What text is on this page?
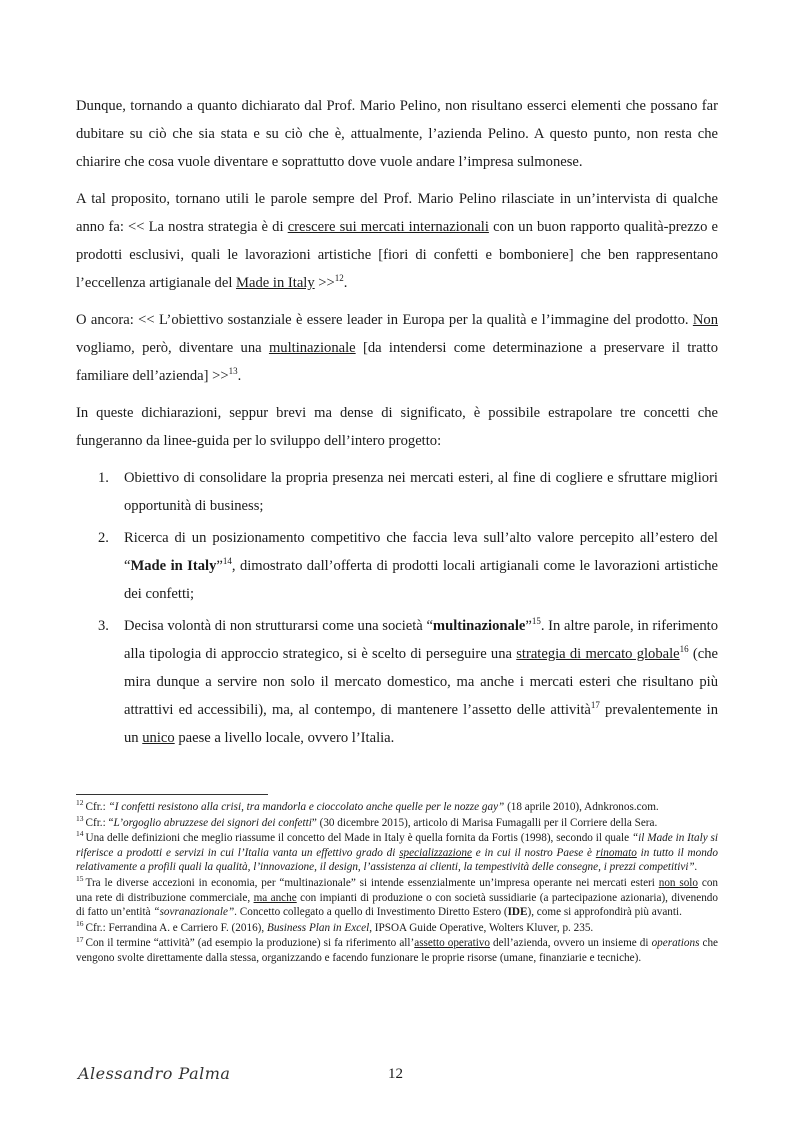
Dunque, tornando a quanto dichiarato dal Prof. Mario Pelino, non risultano esserci elementi che possano far dubitare su ciò che sia stata e su ciò che è, attualmente, l’azienda Pelino. A questo punto, non resta che chiarire che cosa vuole diventare e soprattutto dove vuole andare l’impresa sulmonese.

A tal proposito, tornano utili le parole sempre del Prof. Mario Pelino rilasciate in un’intervista di qualche anno fa: << La nostra strategia è di crescere sui mercati internazionali con un buon rapporto qualità-prezzo e prodotti esclusivi, quali le lavorazioni artistiche [fiori di confetti e bomboniere] che ben rappresentano l’eccellenza artigianale del Made in Italy >>$^{12}$.

O ancora: << L’obiettivo sostanziale è essere leader in Europa per la qualità e l’immagine del prodotto. Non vogliamo, però, diventare una multinazionale [da intendersi come determinazione a preservare il tratto familiare dell’azienda] >>$^{13}$.

In queste dichiarazioni, seppur brevi ma dense di significato, è possibile estrapolare tre concetti che fungeranno da linee-guida per lo sviluppo dell’intero progetto:

1. Obiettivo di consolidare la propria presenza nei mercati esteri, al fine di cogliere e sfruttare migliori opportunità di business;
2. Ricerca di un posizionamento competitivo che faccia leva sull’alto valore percepito all’estero del “Made in Italy”$^{14}$, dimostrato dall’offerta di prodotti locali artigianali come le lavorazioni artistiche dei confetti;
3. Decisa volontà di non strutturarsi come una società “multinazionale”$^{15}$. In altre parole, in riferimento alla tipologia di approccio strategico, si è scelto di perseguire una strategia di mercato globale$^{16}$ (che mira dunque a servire non solo il mercato domestico, ma anche i mercati esteri che risultano più attrattivi ed accessibili), ma, al contempo, di mantenere l’assetto delle attività$^{17}$ prevalentemente in un unico paese a livello locale, ovvero l’Italia.

$^{12}$ Cfr.: “I confetti resistono alla crisi, tra mandorla e cioccolato anche quelle per le nozze gay” (18 aprile 2010), Adnkronos.com.

$^{13}$ Cfr.: “L’orgoglio abruzzese dei signori dei confetti” (30 dicembre 2015), articolo di Marisa Fumagalli per il Corriere della Sera.

$^{14}$ Una delle definizioni che meglio riassume il concetto del Made in Italy è quella fornita da Fortis (1998), secondo il quale “il Made in Italy si riferisce a prodotti e servizi in cui l’Italia vanta un effettivo grado di specializzazione e in cui il nostro Paese è rinomato in tutto il mondo relativamente a profili quali la qualità, l’innovazione, il design, l’assistenza ai clienti, la tempestività delle consegne, i prezzi competitivi”.

$^{15}$ Tra le diverse accezioni in economia, per “multinazionale” si intende essenzialmente un’impresa operante nei mercati esteri non solo con una rete di distribuzione commerciale, ma anche con impianti di produzione o con società sussidiarie (a partecipazione azionaria), divenendo di fatto un’entità “sovranazionale”. Concetto collegato a quello di Investimento Diretto Estero (IDE), come si approfondirà più avanti.

$^{16}$ Cfr.: Ferrandina A. e Carriero F. (2016), Business Plan in Excel, IPSOA Guide Operative, Wolters Kluver, p. 235.

$^{17}$ Con il termine “attività” (ad esempio la produzione) si fa riferimento all’assetto operativo dell’azienda, ovvero un insieme di operations che vengono svolte direttamente dalla stessa, organizzando e facendo funzionare le proprie risorse (umane, finanziarie e tecniche).

Alessandro Palma	12
